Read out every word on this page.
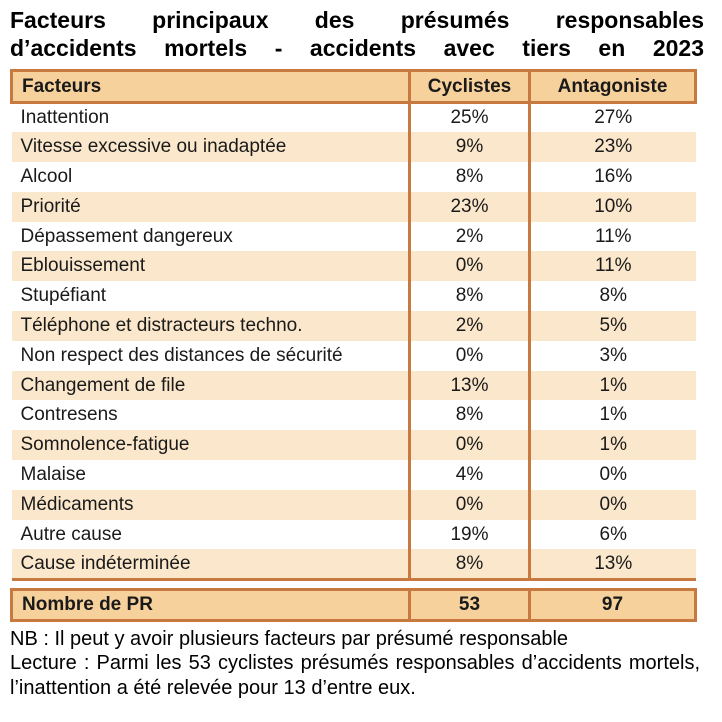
Facteurs principaux des présumés responsables
d’accidents mortels - accidents avec tiers en 2023
Facteurs	Cyclistes	Antagoniste
Inattention	25%	27%
Vitesse excessive ou inadaptée	9%	23%
Alcool	8%	16%
Priorité	23%	10%
Dépassement dangereux	2%	11%
Eblouissement	0%	11%
Stupéfiant	8%	8%
Téléphone et distracteurs techno.	2%	5%
Non respect des distances de sécurité	0%	3%
Changement de file	13%	1%
Contresens	8%	1%
Somnolence-fatigue	0%	1%
Malaise	4%	0%
Médicaments	0%	0%
Autre cause	19%	6%
Cause indéterminée	8%	13%
Nombre de PR	53	97

NB : Il peut y avoir plusieurs facteurs par présumé responsable

Lecture : Parmi les 53 cyclistes présumés responsables d’accidents mortels, l’inattention a été relevée pour 13 d’entre eux.
